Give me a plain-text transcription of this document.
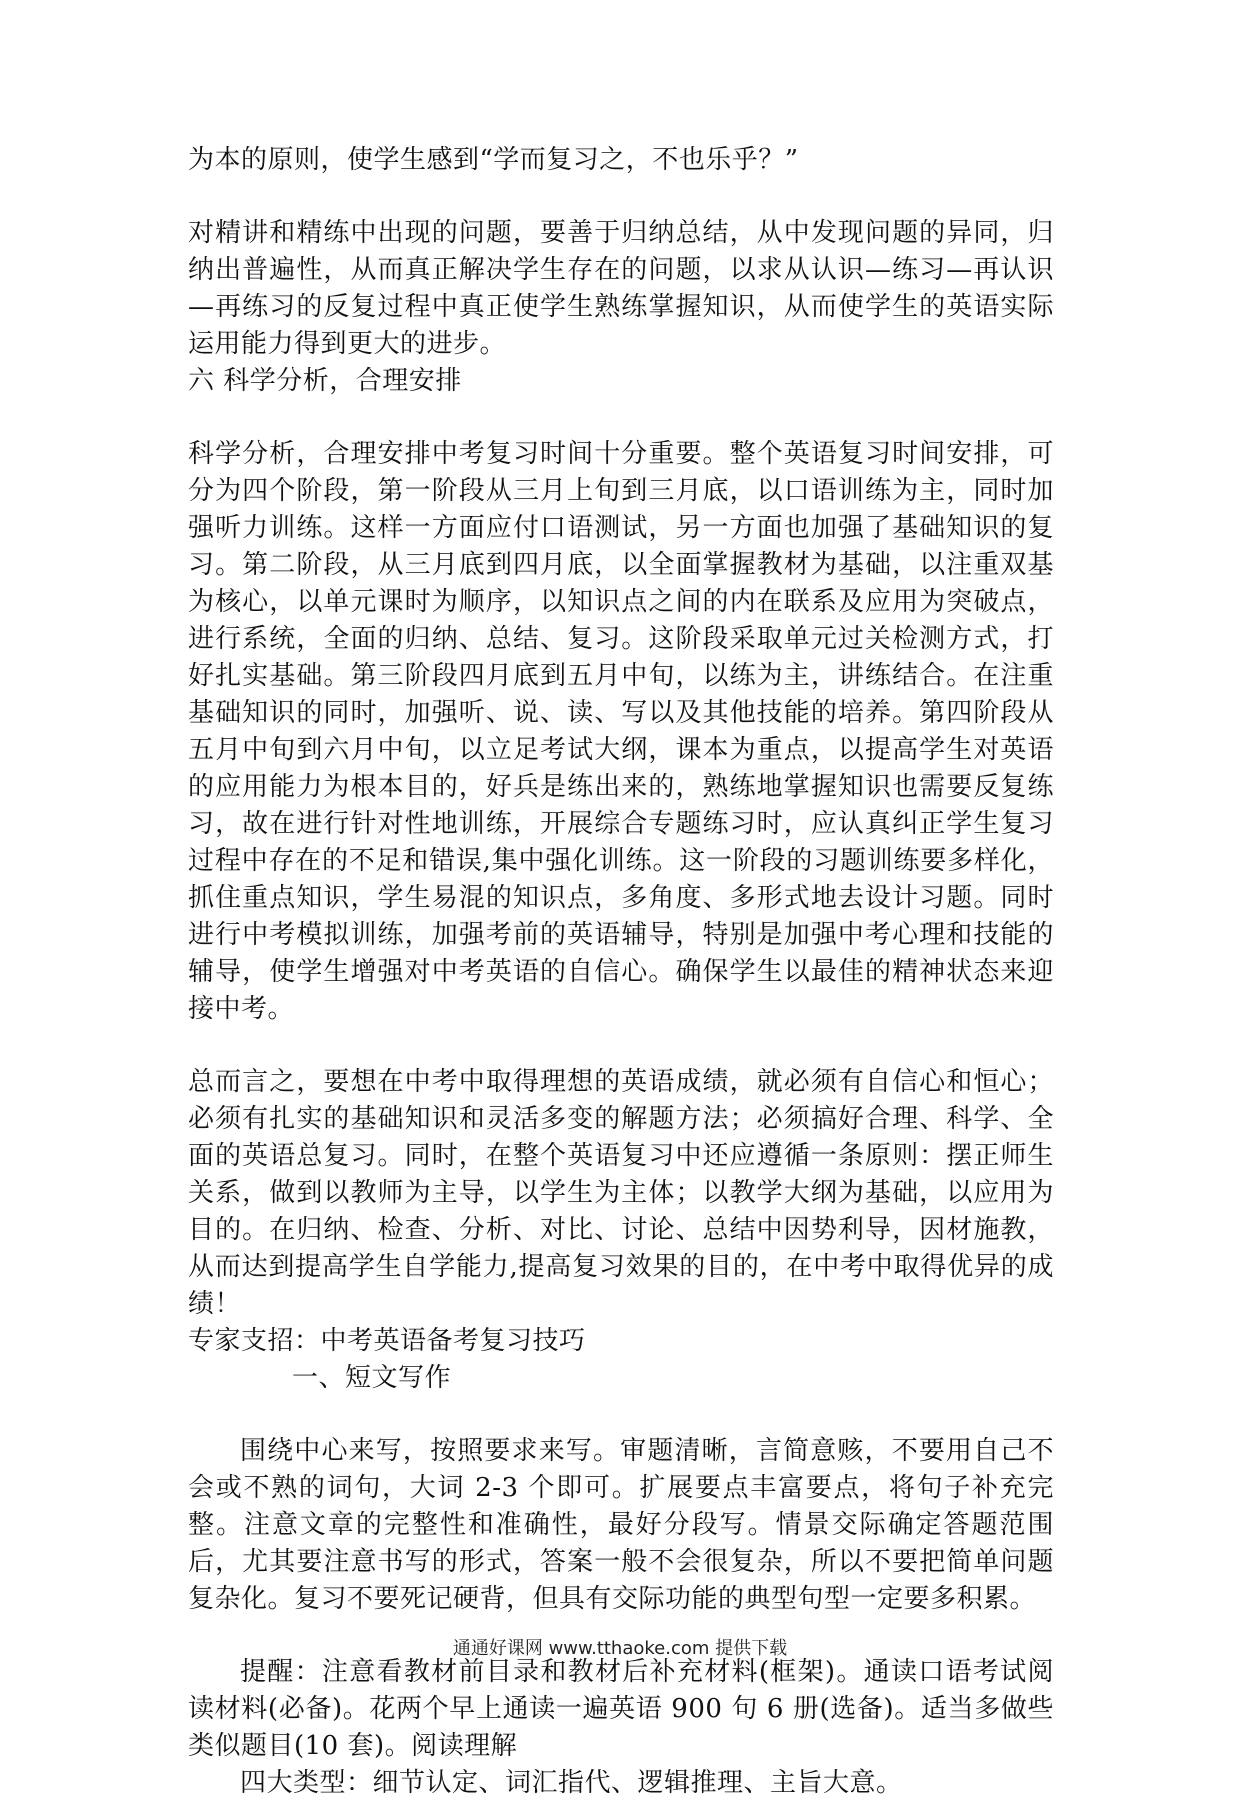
为本的原则，使学生感到“学而复习之，不也乐乎？”

对精讲和精练中出现的问题，要善于归纳总结，从中发现问题的异同，归纳出普遍性，从而真正解决学生存在的问题，以求从认识—练习—再认识—再练习的反复过程中真正使学生熟练掌握知识，从而使学生的英语实际运用能力得到更大的进步。

六 科学分析，合理安排

科学分析，合理安排中考复习时间十分重要。整个英语复习时间安排，可分为四个阶段，第一阶段从三月上旬到三月底，以口语训练为主，同时加强听力训练。这样一方面应付口语测试，另一方面也加强了基础知识的复习。第二阶段，从三月底到四月底，以全面掌握教材为基础，以注重双基为核心，以单元课时为顺序，以知识点之间的内在联系及应用为突破点，进行系统，全面的归纳、总结、复习。这阶段采取单元过关检测方式，打好扎实基础。第三阶段四月底到五月中旬，以练为主，讲练结合。在注重基础知识的同时，加强听、说、读、写以及其他技能的培养。第四阶段从五月中旬到六月中旬，以立足考试大纲，课本为重点，以提高学生对英语的应用能力为根本目的，好兵是练出来的，熟练地掌握知识也需要反复练习，故在进行针对性地训练，开展综合专题练习时，应认真纠正学生复习过程中存在的不足和错误,集中强化训练。这一阶段的习题训练要多样化，抓住重点知识，学生易混的知识点，多角度、多形式地去设计习题。同时进行中考模拟训练，加强考前的英语辅导，特别是加强中考心理和技能的辅导，使学生增强对中考英语的自信心。确保学生以最佳的精神状态来迎接中考。

总而言之，要想在中考中取得理想的英语成绩，就必须有自信心和恒心；必须有扎实的基础知识和灵活多变的解题方法；必须搞好合理、科学、全面的英语总复习。同时，在整个英语复习中还应遵循一条原则：摆正师生关系，做到以教师为主导，以学生为主体；以教学大纲为基础，以应用为目的。在归纳、检查、分析、对比、讨论、总结中因势利导，因材施教，从而达到提高学生自学能力,提高复习效果的目的，在中考中取得优异的成绩！

专家支招：中考英语备考复习技巧

一、短文写作

围绕中心来写，按照要求来写。审题清晰，言简意赅，不要用自己不会或不熟的词句，大词 2-3 个即可。扩展要点丰富要点，将句子补充完整。注意文章的完整性和准确性，最好分段写。情景交际确定答题范围后，尤其要注意书写的形式，答案一般不会很复杂，所以不要把简单问题复杂化。复习不要死记硬背，但具有交际功能的典型句型一定要多积累。

提醒：注意看教材前目录和教材后补充材料(框架)。通读口语考试阅读材料(必备)。花两个早上通读一遍英语 900 句 6 册(选备)。适当多做些类似题目(10 套)。阅读理解

四大类型：细节认定、词汇指代、逻辑推理、主旨大意。

通通好课网 www.tthaoke.com 提供下载
